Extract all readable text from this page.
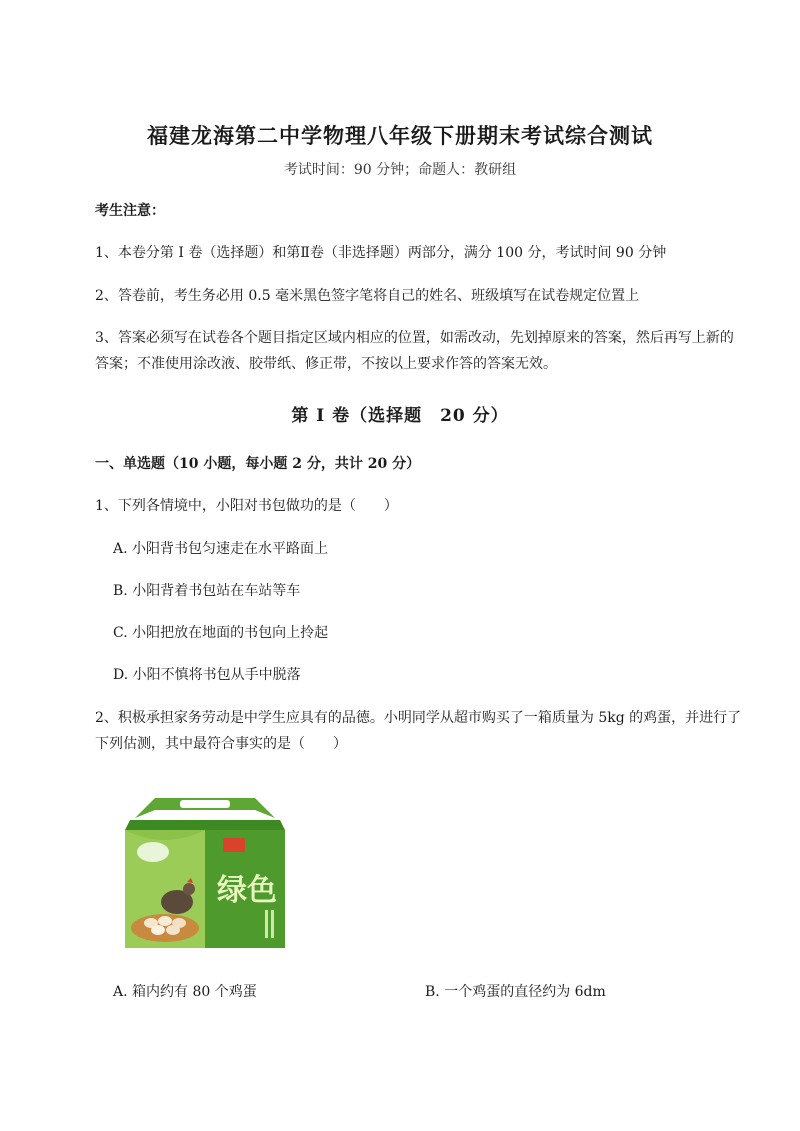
福建龙海第二中学物理八年级下册期末考试综合测试
考试时间：90 分钟；命题人：教研组
考生注意：
1、本卷分第 I 卷（选择题）和第Ⅱ卷（非选择题）两部分，满分 100 分，考试时间 90 分钟
2、答卷前，考生务必用 0.5 毫米黑色签字笔将自己的姓名、班级填写在试卷规定位置上
3、答案必须写在试卷各个题目指定区域内相应的位置，如需改动，先划掉原来的答案，然后再写上新的答案；不准使用涂改液、胶带纸、修正带，不按以上要求作答的答案无效。
第 I 卷（选择题　20 分）
一、单选题（10 小题，每小题 2 分，共计 20 分）
1、下列各情境中，小阳对书包做功的是（　　）
A. 小阳背书包匀速走在水平路面上
B. 小阳背着书包站在车站等车
C. 小阳把放在地面的书包向上拎起
D. 小阳不慎将书包从手中脱落
2、积极承担家务劳动是中学生应具有的品德。小明同学从超市购买了一箱质量为 5kg 的鸡蛋，并进行了下列估测，其中最符合事实的是（　　）
绿色
A. 箱内约有 80 个鸡蛋	B. 一个鸡蛋的直径约为 6dm
